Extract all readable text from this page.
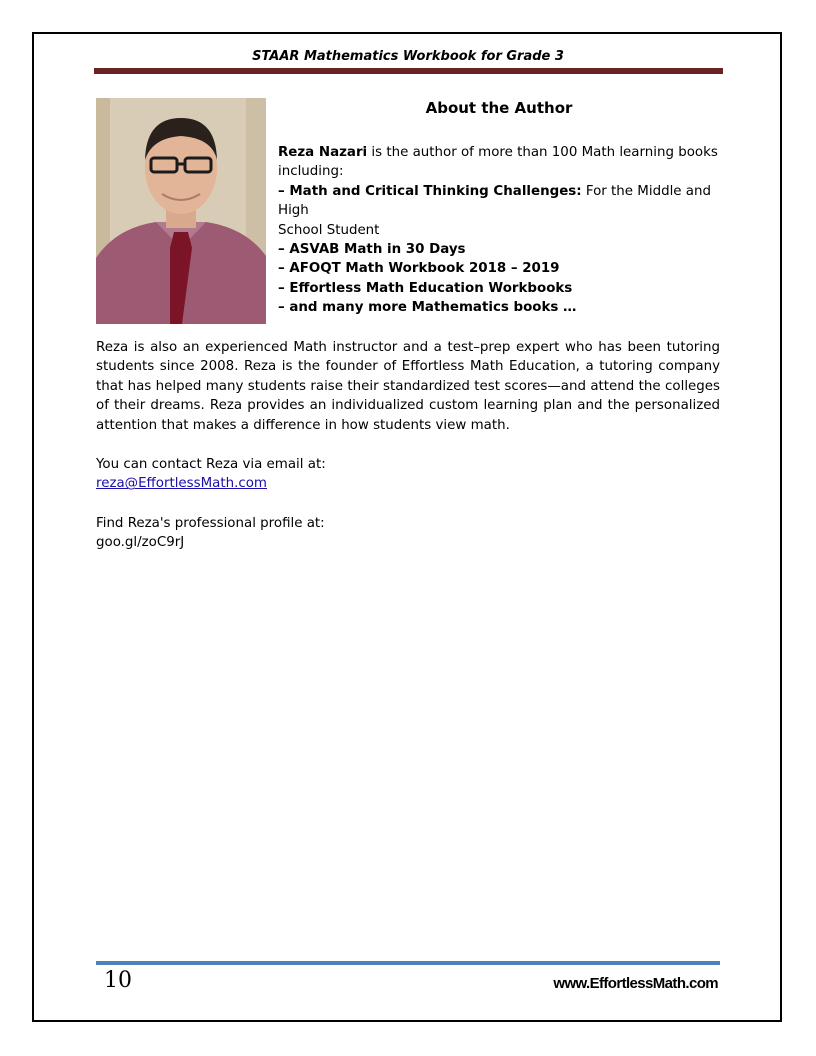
STAAR Mathematics Workbook for Grade 3
About the Author
Reza Nazari is the author of more than 100 Math learning books
including:
– Math and Critical Thinking Challenges: For the Middle and High
School Student
– ASVAB Math in 30 Days
– AFOQT Math Workbook 2018 – 2019
– Effortless Math Education Workbooks
– and many more Mathematics books …
Reza is also an experienced Math instructor and a test–prep expert who has been tutoring students since 2008. Reza is the founder of Effortless Math Education, a tutoring company that has helped many students raise their standardized test scores—and attend the colleges of their dreams. Reza provides an individualized custom learning plan and the personalized attention that makes a difference in how students view math.
You can contact Reza via email at:
reza@EffortlessMath.com
Find Reza's professional profile at:
goo.gl/zoC9rJ
10	www.EffortlessMath.com
